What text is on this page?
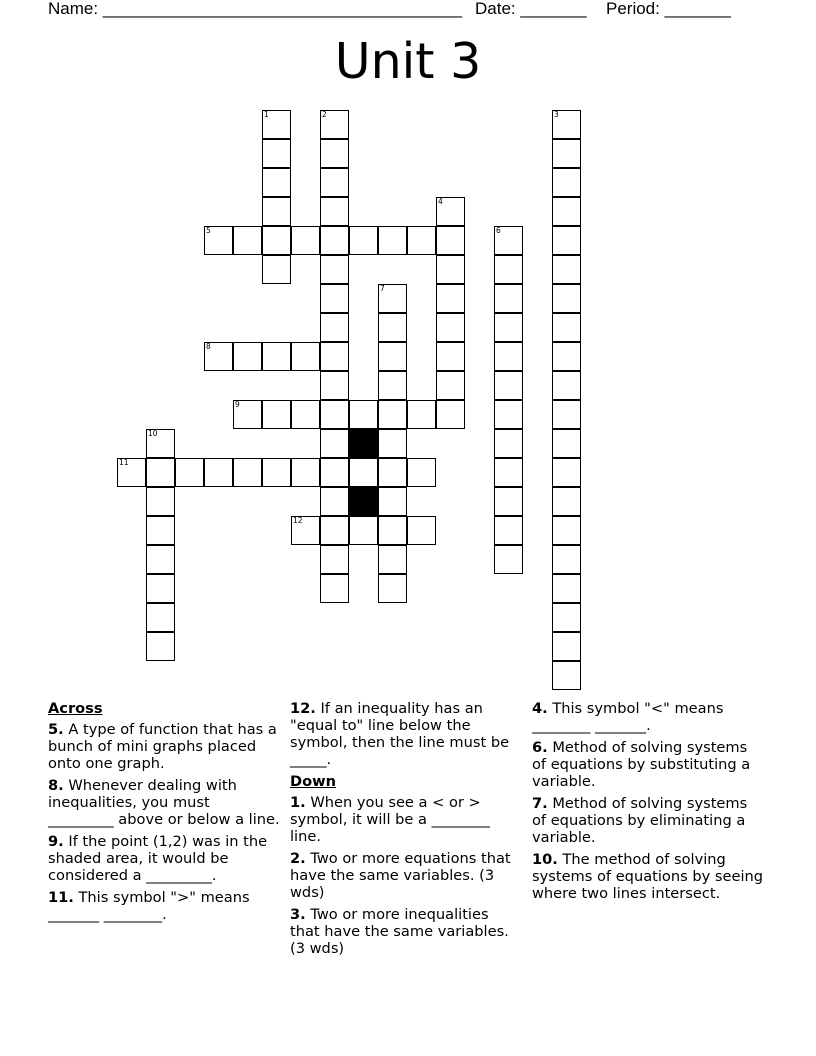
Name: ______________________________________ Date: _______ Period: _______
Unit 3
1	2	3
4
5	6
7
8
9
10
11
12
Across
5. A type of function that has a bunch of mini graphs placed onto one graph.
8. Whenever dealing with inequalities, you must _________ above or below a line.
9. If the point (1,2) was in the shaded area, it would be considered a _________.
11. This symbol ">" means _______ ________.
12. If an inequality has an "equal to" line below the symbol, then the line must be _____.
Down
1. When you see a < or > symbol, it will be a ________ line.
2. Two or more equations that have the same variables. (3 wds)
3. Two or more inequalities that have the same variables. (3 wds)
4. This symbol "<" means ________ _______.
6. Method of solving systems of equations by substituting a variable.
7. Method of solving systems of equations by eliminating a variable.
10. The method of solving systems of equations by seeing where two lines intersect.
